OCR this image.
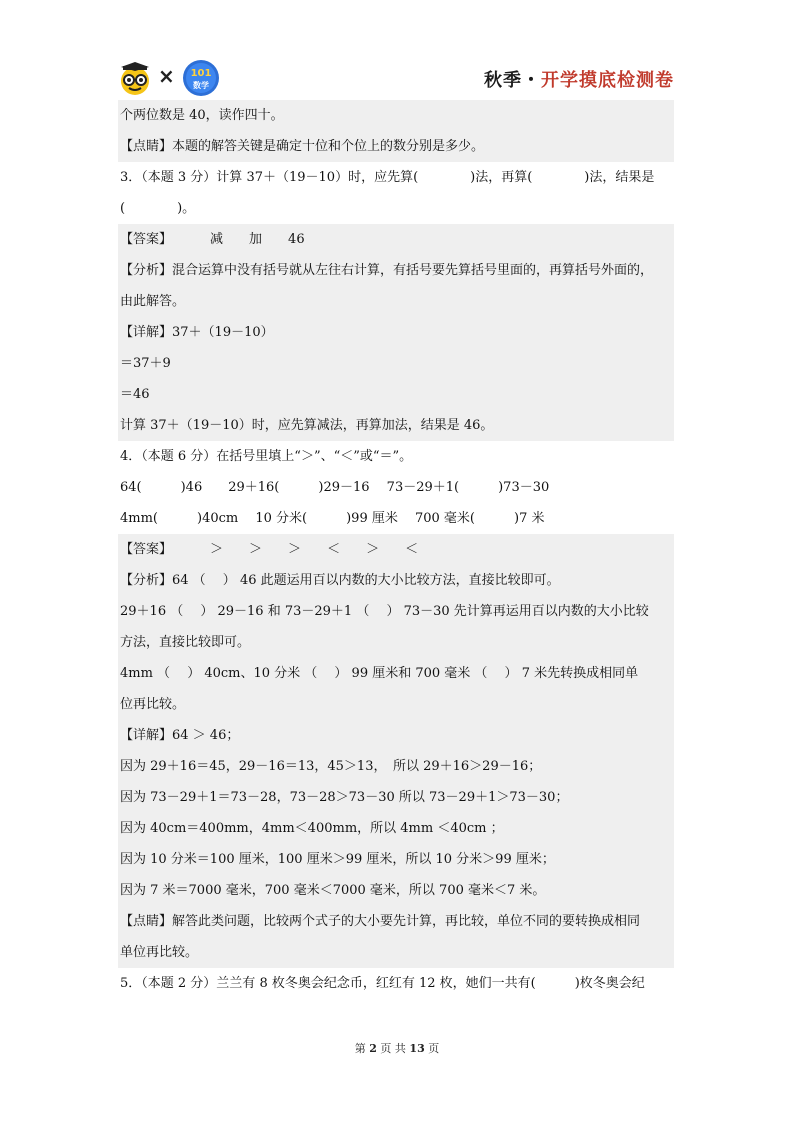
× 101
数学	秋季・开学摸底检测卷
个两位数是 40，读作四十。
【点睛】本题的解答关键是确定十位和个位上的数分别是多少。
3．（本题 3 分）计算 37＋（19－10）时，应先算(　　　　)法，再算(　　　　)法，结果是
(　　　　)。
【答案】	减 加 46
【分析】混合运算中没有括号就从左往右计算，有括号要先算括号里面的，再算括号外面的，
由此解答。
【详解】37＋（19－10）
＝37＋9
＝46
计算 37＋（19－10）时，应先算减法，再算加法，结果是 46。
4．（本题 6 分）在括号里填上“＞”、“＜”或“＝”。
64(　　　)46　　29＋16(　　　)29－16　 73－29＋1(　　　)73－30
4mm(　　　)40cm　 10 分米(　　　)99 厘米　 700 毫米(　　　)7 米
【答案】	＞ ＞ ＞ ＜ ＞ ＜
【分析】64 （　 ） 46 此题运用百以内数的大小比较方法，直接比较即可。
29＋16 （　 ） 29－16 和 73－29＋1 （　 ） 73－30 先计算再运用百以内数的大小比较
方法，直接比较即可。
4mm （　 ） 40cm、10 分米 （　 ） 99 厘米和 700 毫米 （　 ） 7 米先转换成相同单
位再比较。
【详解】64 ＞ 46；
因为 29＋16＝45，29－16＝13，45＞13，　所以 29＋16＞29－16；
因为 73－29＋1＝73－28，73－28＞73－30 所以 73－29＋1＞73－30；
因为 40cm＝400mm，4mm＜400mm，所以 4mm ＜40cm ；
因为 10 分米＝100 厘米，100 厘米＞99 厘米，所以 10 分米＞99 厘米；
因为 7 米＝7000 毫米，700 毫米＜7000 毫米，所以 700 毫米＜7 米。
【点睛】解答此类问题，比较两个式子的大小要先计算，再比较，单位不同的要转换成相同
单位再比较。
5．（本题 2 分）兰兰有 8 枚冬奥会纪念币，红红有 12 枚，她们一共有(　　　)枚冬奥会纪
第 2 页 共 13 页
